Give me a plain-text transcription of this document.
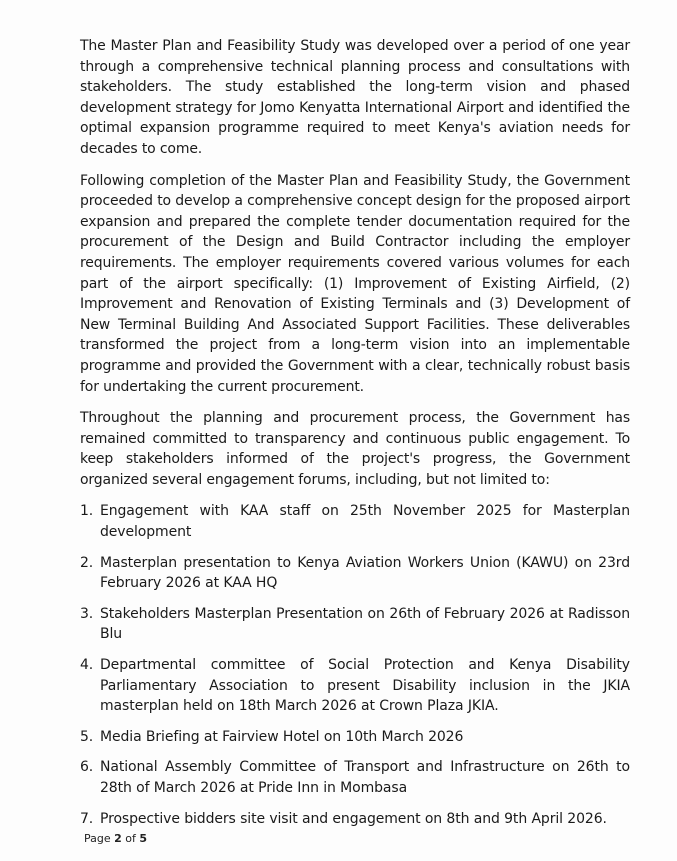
The Master Plan and Feasibility Study was developed over a period of one year through a comprehensive technical planning process and consultations with stakeholders. The study established the long-term vision and phased development strategy for Jomo Kenyatta International Airport and identified the optimal expansion programme required to meet Kenya's aviation needs for decades to come.

Following completion of the Master Plan and Feasibility Study, the Government proceeded to develop a comprehensive concept design for the proposed airport expansion and prepared the complete tender documentation required for the procurement of the Design and Build Contractor including the employer requirements. The employer requirements covered various volumes for each part of the airport specifically: (1) Improvement of Existing Airfield, (2) Improvement and Renovation of Existing Terminals and (3) Development of New Terminal Building And Associated Support Facilities. These deliverables transformed the project from a long-term vision into an implementable programme and provided the Government with a clear, technically robust basis for undertaking the current procurement.

Throughout the planning and procurement process, the Government has remained committed to transparency and continuous public engagement. To keep stakeholders informed of the project's progress, the Government organized several engagement forums, including, but not limited to:

1. Engagement with KAA staff on 25th November 2025 for Masterplan development
2. Masterplan presentation to Kenya Aviation Workers Union (KAWU) on 23rd February 2026 at KAA HQ
3. Stakeholders Masterplan Presentation on 26th of February 2026 at Radisson Blu
4. Departmental committee of Social Protection and Kenya Disability Parliamentary Association to present Disability inclusion in the JKIA masterplan held on 18th March 2026 at Crown Plaza JKIA.
5. Media Briefing at Fairview Hotel on 10th March 2026
6. National Assembly Committee of Transport and Infrastructure on 26th to 28th of March 2026 at Pride Inn in Mombasa
7. Prospective bidders site visit and engagement on 8th and 9th April 2026.
Page 2 of 5
